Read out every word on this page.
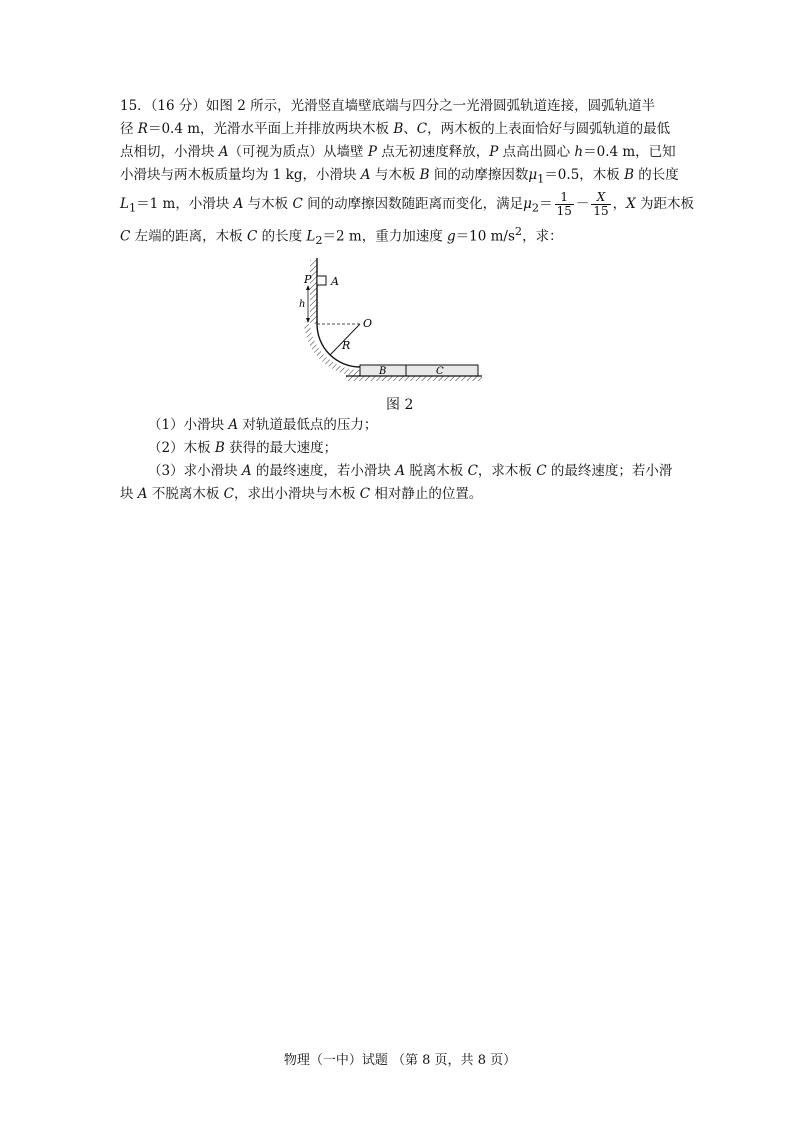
15．（16 分）如图 2 所示，光滑竖直墙壁底端与四分之一光滑圆弧轨道连接，圆弧轨道半
径 R＝0.4 m，光滑水平面上并排放两块木板 B、C，两木板的上表面恰好与圆弧轨道的最低
点相切，小滑块 A（可视为质点）从墙壁 P 点无初速度释放，P 点高出圆心 h＝0.4 m，已知
小滑块与两木板质量均为 1 kg，小滑块 A 与木板 B 间的动摩擦因数$\mu_1=0.5$，木板 B 的长度
$L_1=1$ m，小滑块 A 与木板 C 间的动摩擦因数随距离而变化，满足$\mu_2= \frac{1}{15} - \frac{X}{15}$ ，X 为距木板
C 左端的距离，木板 C 的长度 $L_2=2$ m，重力加速度 g＝10 $m/s^2$，求：
P A
h
O
R
B	C
图 2
（1）小滑块 A 对轨道最低点的压力；
（2）木板 B 获得的最大速度；
（3）求小滑块 A 的最终速度，若小滑块 A 脱离木板 C，求木板 C 的最终速度；若小滑
块 A 不脱离木板 C，求出小滑块与木板 C 相对静止的位置。
物理（一中）试题 （第 8 页，共 8 页）
